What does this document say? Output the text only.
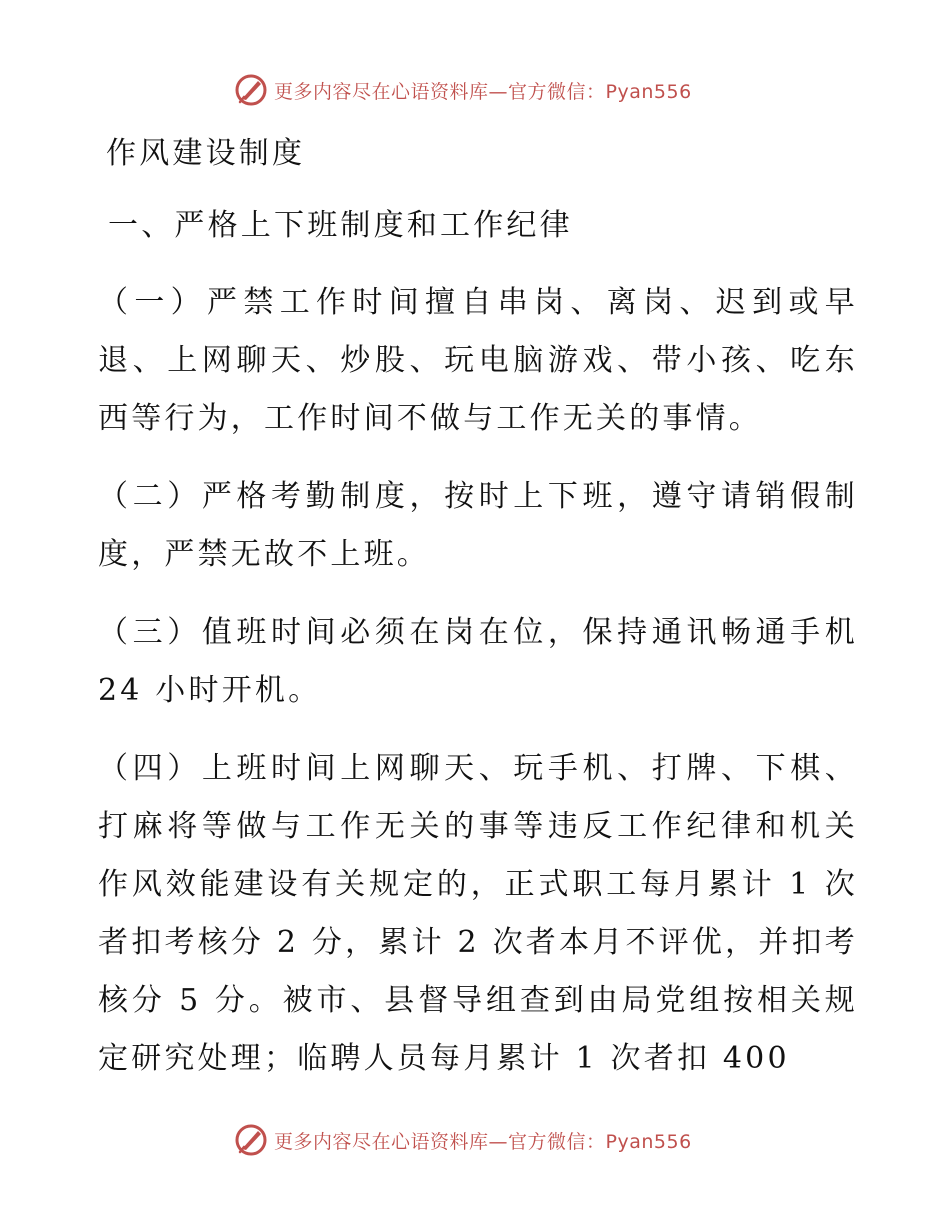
更多内容尽在心语资料库—官方微信：Pyan556
作风建设制度
一、严格上下班制度和工作纪律
（一）严禁工作时间擅自串岗、离岗、迟到或早退、上网聊天、炒股、玩电脑游戏、带小孩、吃东西等行为，工作时间不做与工作无关的事情。
（二）严格考勤制度，按时上下班，遵守请销假制度，严禁无故不上班。
（三）值班时间必须在岗在位，保持通讯畅通手机 24 小时开机。
（四）上班时间上网聊天、玩手机、打牌、下棋、打麻将等做与工作无关的事等违反工作纪律和机关作风效能建设有关规定的，正式职工每月累计 1 次者扣考核分 2 分，累计 2 次者本月不评优，并扣考核分 5 分。被市、县督导组查到由局党组按相关规定研究处理；临聘人员每月累计 1 次者扣 400
更多内容尽在心语资料库—官方微信：Pyan556
